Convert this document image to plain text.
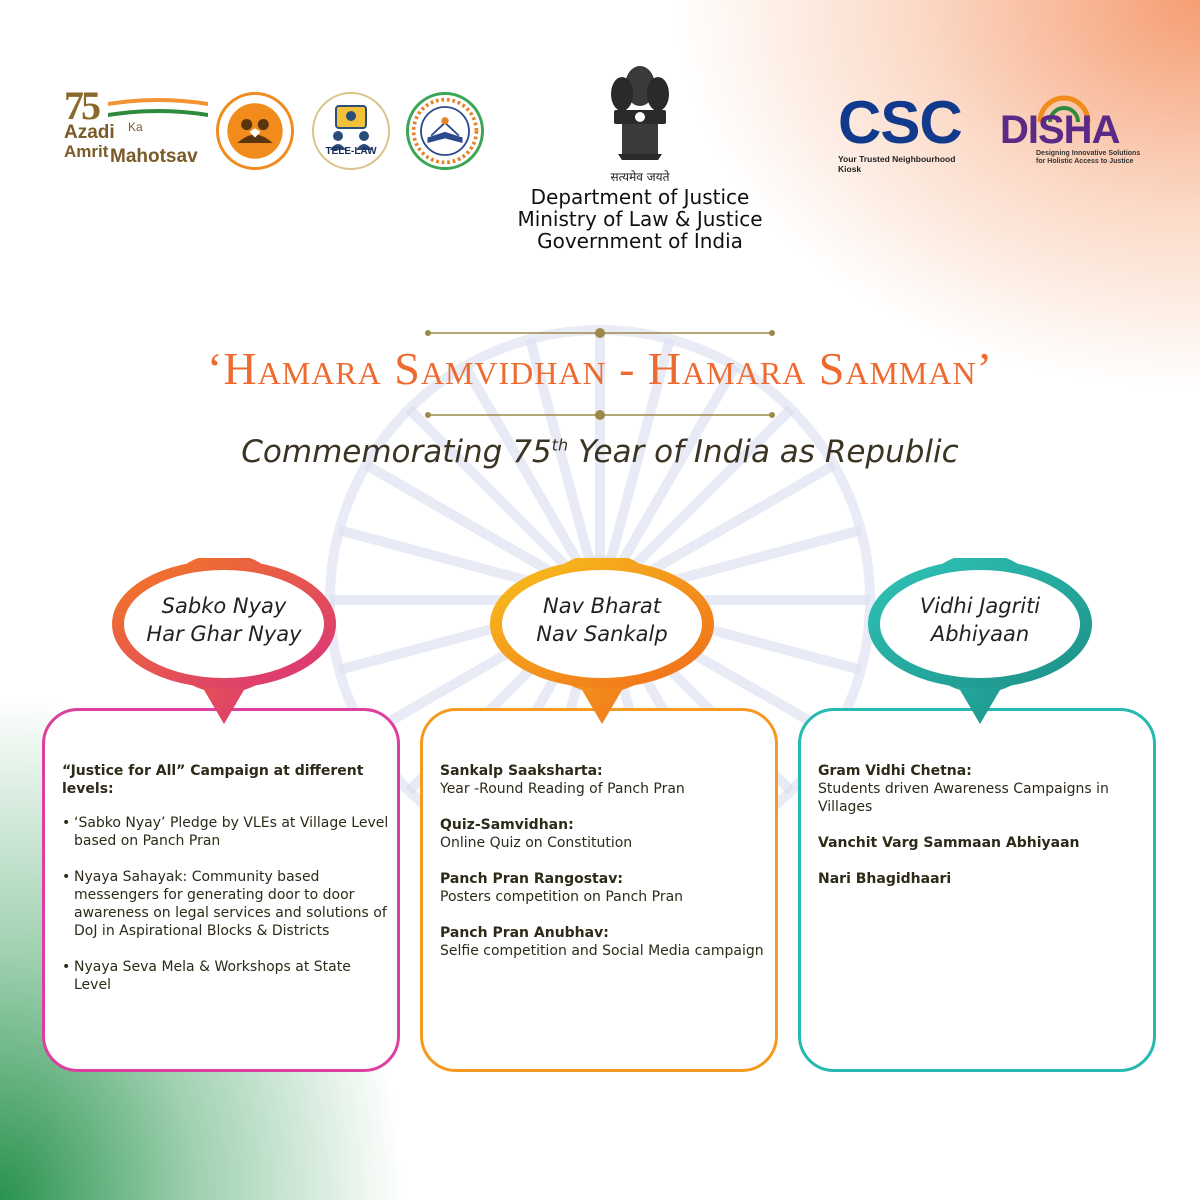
75
Azadi Ka
Amrit Mahotsav	TELE-LAW
सत्यमेव जयते
Department of Justice
Ministry of Law & Justice
Government of India
CSC
Your Trusted Neighbourhood Kiosk
DISHA
Designing Innovative Solutions for Holistic Access to Justice
‘Hamara Samvidhan - Hamara Samman’
Commemorating 75th Year of India as Republic
Sabko Nyay
Har Ghar Nyay
Nav Bharat
Nav Sankalp
Vidhi Jagriti
Abhiyaan
“Justice for All” Campaign at different levels:
• ‘Sabko Nyay’ Pledge by VLEs at Village Level based on Panch Pran
• Nyaya Sahayak: Community based messengers for generating door to door awareness on legal services and solutions of DoJ in Aspirational Blocks & Districts
• Nyaya Seva Mela & Workshops at State Level
Sankalp Saaksharta:
Year -Round Reading of Panch Pran
Quiz-Samvidhan:
Online Quiz on Constitution
Panch Pran Rangostav:
Posters competition on Panch Pran
Panch Pran Anubhav:
Selfie competition and Social Media campaign
Gram Vidhi Chetna:
Students driven Awareness Campaigns in Villages
Vanchit Varg Sammaan Abhiyaan
Nari Bhagidhaari
